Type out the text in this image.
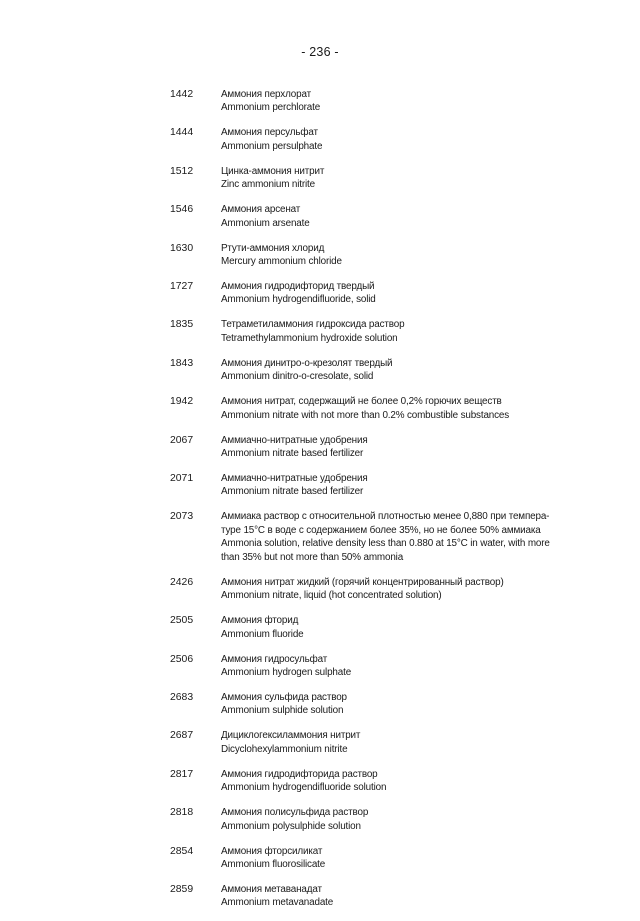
- 236 -
1442	Аммония перхлорат
Ammonium perchlorate
1444	Аммония персульфат
Ammonium persulphate
1512	Цинка-аммония нитрит
Zinc ammonium nitrite
1546	Аммония арсенат
Ammonium arsenate
1630	Ртути-аммония хлорид
Mercury ammonium chloride
1727	Аммония гидродифторид твердый
Ammonium hydrogendifluoride, solid
1835	Тетраметиламмония гидроксида раствор
Tetramethylammonium hydroxide solution
1843	Аммония динитро-о-крезолят твердый
Ammonium dinitro-o-cresolate, solid
1942	Аммония нитрат, содержащий не более 0,2% горючих веществ
Ammonium nitrate with not more than 0.2% combustible substances
2067	Аммиачно-нитратные удобрения
Ammonium nitrate based fertilizer
2071	Аммиачно-нитратные удобрения
Ammonium nitrate based fertilizer
2073	Аммиака раствор с относительной плотностью менее 0,880 при темпера-
туре 15°C в воде с содержанием более 35%, но не более 50% аммиака
Ammonia solution, relative density less than 0.880 at 15°C in water, with more
than 35% but not more than 50% ammonia
2426	Аммония нитрат жидкий (горячий концентрированный раствор)
Ammonium nitrate, liquid (hot concentrated solution)
2505	Аммония фторид
Ammonium fluoride
2506	Аммония гидросульфат
Ammonium hydrogen sulphate
2683	Аммония сульфида раствор
Ammonium sulphide solution
2687	Дициклогексиламмония нитрит
Dicyclohexylammonium nitrite
2817	Аммония гидродифторида раствор
Ammonium hydrogendifluoride solution
2818	Аммония полисульфида раствор
Ammonium polysulphide solution
2854	Аммония фторсиликат
Ammonium fluorosilicate
2859	Аммония метаванадат
Ammonium metavanadate
